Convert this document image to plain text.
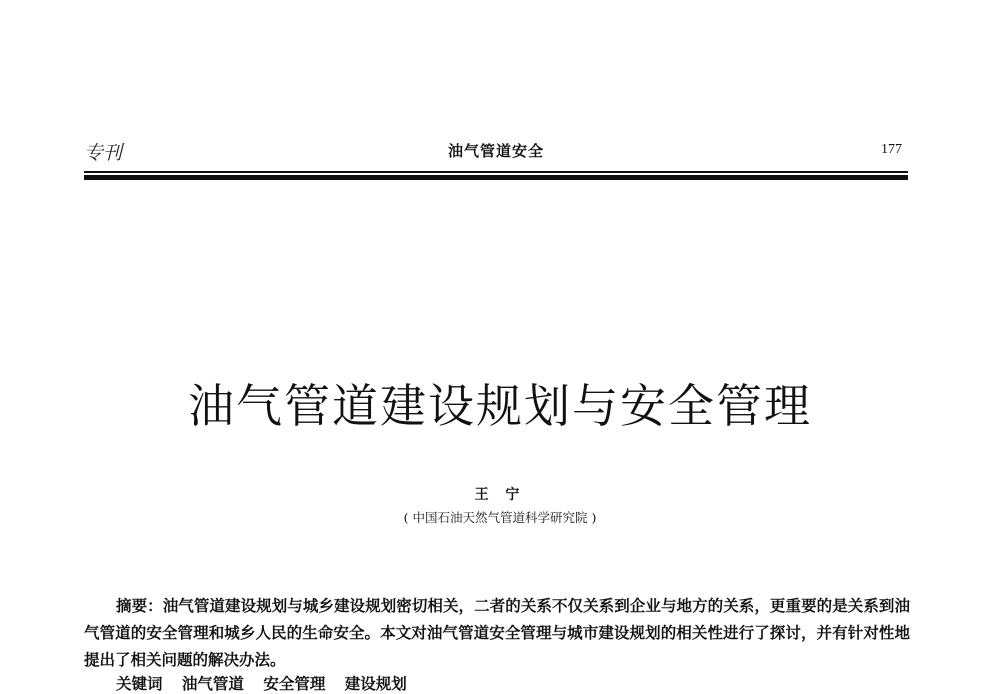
专刊	油气管道安全	177
油气管道建设规划与安全管理
王 宁
( 中国石油天然气管道科学研究院 )

摘要：油气管道建设规划与城乡建设规划密切相关，二者的关系不仅关系到企业与地方的关系，更重要的是关系到油气管道的安全管理和城乡人民的生命安全。本文对油气管道安全管理与城市建设规划的相关性进行了探讨，并有针对性地提出了相关问题的解决办法。

关键词 油气管道 安全管理 建设规划
